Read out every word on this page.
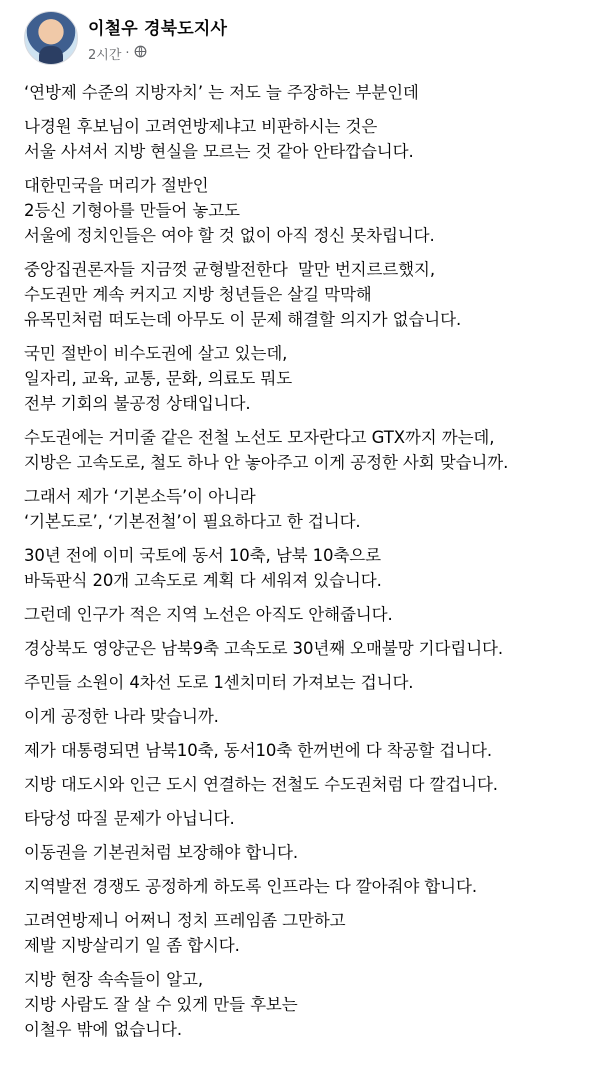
이철우 경북도지사
2시간 ·

‘연방제 수준의 지방자치’ 는 저도 늘 주장하는 부분인데

나경원 후보님이 고려연방제냐고 비판하시는 것은
서울 사셔서 지방 현실을 모르는 것 같아 안타깝습니다.

대한민국을 머리가 절반인
2등신 기형아를 만들어 놓고도
서울에 정치인들은 여야 할 것 없이 아직 정신 못차립니다.

중앙집권론자들 지금껏 균형발전한다  말만 번지르르했지,
수도권만 계속 커지고 지방 청년들은 살길 막막해
유목민처럼 떠도는데 아무도 이 문제 해결할 의지가 없습니다.

국민 절반이 비수도권에 살고 있는데,
일자리, 교육, 교통, 문화, 의료도 뭐도
전부 기회의 불공정 상태입니다.

수도권에는 거미줄 같은 전철 노선도 모자란다고 GTX까지 까는데,
지방은 고속도로, 철도 하나 안 놓아주고 이게 공정한 사회 맞습니까.

그래서 제가 ‘기본소득’이 아니라
‘기본도로’, ‘기본전철’이 필요하다고 한 겁니다.

30년 전에 이미 국토에 동서 10축, 남북 10축으로
바둑판식 20개 고속도로 계획 다 세워져 있습니다.

그런데 인구가 적은 지역 노선은 아직도 안해줍니다.

경상북도 영양군은 남북9축 고속도로 30년째 오매불망 기다립니다.

주민들 소원이 4차선 도로 1센치미터 가져보는 겁니다.

이게 공정한 나라 맞습니까.

제가 대통령되면 남북10축, 동서10축 한꺼번에 다 착공할 겁니다.

지방 대도시와 인근 도시 연결하는 전철도 수도권처럼 다 깔겁니다.

타당성 따질 문제가 아닙니다.

이동권을 기본권처럼 보장해야 합니다.

지역발전 경쟁도 공정하게 하도록 인프라는 다 깔아줘야 합니다.

고려연방제니 어쩌니 정치 프레임좀 그만하고
제발 지방살리기 일 좀 합시다.

지방 현장 속속들이 알고,
지방 사람도 잘 살 수 있게 만들 후보는
이철우 밖에 없습니다.
